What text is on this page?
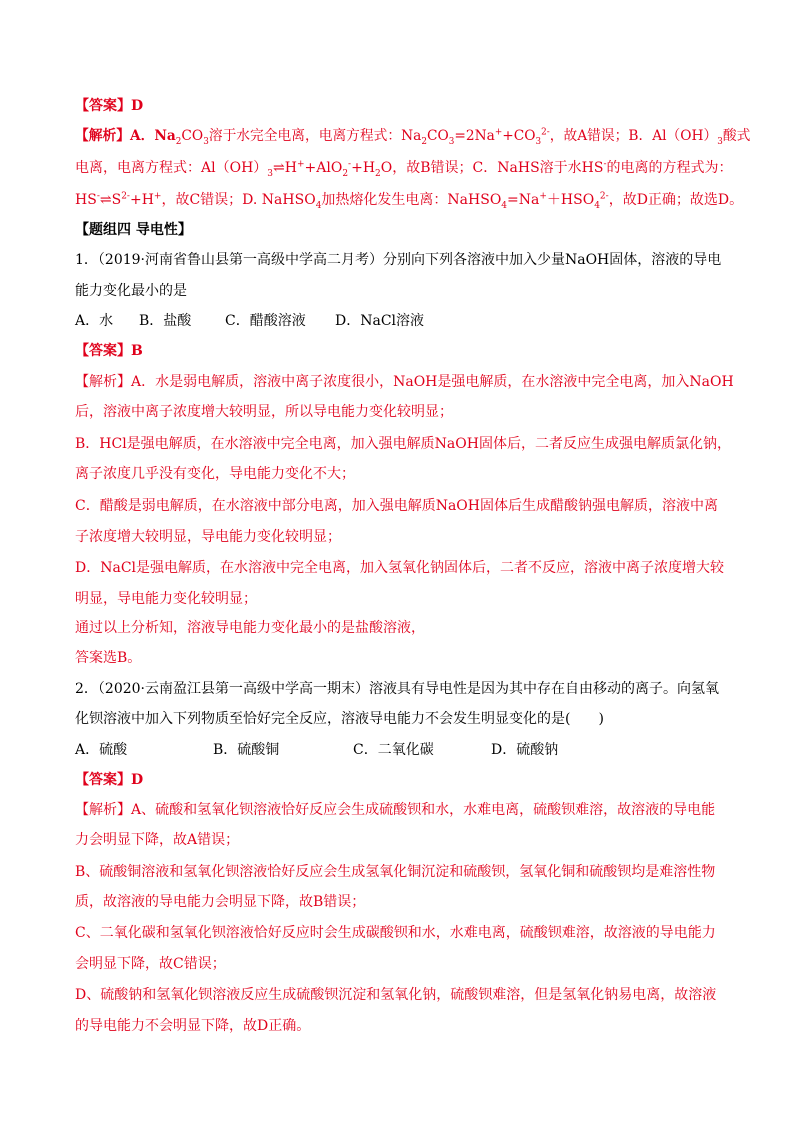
【答案】D
【解析】A．$Na_2CO_3$溶于水完全电离，电离方程式：$Na_2CO_3=2Na^++CO_3^{2-}$，故A错误；B．$Al(OH)_3$酸式
电离，电离方程式：$Al(OH)_3\rightleftharpoons H^++AlO_2^-+H_2O$，故B错误；C．NaHS溶于水HS-的电离的方程式为：
$HS^-\rightleftharpoons S^{2-}+H^+$，故C错误；D. NaHSO$_4$加热熔化发生电离：$NaHSO_4=Na^++HSO_4^{2-}$，故D正确；故选D。
【题组四 导电性】
1．（2019·河南省鲁山县第一高级中学高二月考）分别向下列各溶液中加入少量NaOH固体，溶液的导电
能力变化最小的是
A．水 B．盐酸 C．醋酸溶液 D．NaCl溶液
【答案】B
【解析】A．水是弱电解质，溶液中离子浓度很小，NaOH是强电解质，在水溶液中完全电离，加入NaOH
后，溶液中离子浓度增大较明显，所以导电能力变化较明显；
B．HCl是强电解质，在水溶液中完全电离，加入强电解质NaOH固体后，二者反应生成强电解质氯化钠，
离子浓度几乎没有变化，导电能力变化不大；
C．醋酸是弱电解质，在水溶液中部分电离，加入强电解质NaOH固体后生成醋酸钠强电解质，溶液中离
子浓度增大较明显，导电能力变化较明显；
D．NaCl是强电解质，在水溶液中完全电离，加入氢氧化钠固体后，二者不反应，溶液中离子浓度增大较
明显，导电能力变化较明显；
通过以上分析知，溶液导电能力变化最小的是盐酸溶液，
答案选B。
2．（2020·云南盈江县第一高级中学高一期末）溶液具有导电性是因为其中存在自由移动的离子。向氢氧
化钡溶液中加入下列物质至恰好完全反应，溶液导电能力不会发生明显变化的是(　　)
A．硫酸	B．硫酸铜	C．二氧化碳	D．硫酸钠
【答案】D
【解析】A、硫酸和氢氧化钡溶液恰好反应会生成硫酸钡和水，水难电离，硫酸钡难溶，故溶液的导电能
力会明显下降，故A错误；
B、硫酸铜溶液和氢氧化钡溶液恰好反应会生成氢氧化铜沉淀和硫酸钡，氢氧化铜和硫酸钡均是难溶性物
质，故溶液的导电能力会明显下降，故B错误；
C、二氧化碳和氢氧化钡溶液恰好反应时会生成碳酸钡和水，水难电离，硫酸钡难溶，故溶液的导电能力
会明显下降，故C错误；
D、硫酸钠和氢氧化钡溶液反应生成硫酸钡沉淀和氢氧化钠，硫酸钡难溶，但是氢氧化钠易电离，故溶液
的导电能力不会明显下降，故D正确。
